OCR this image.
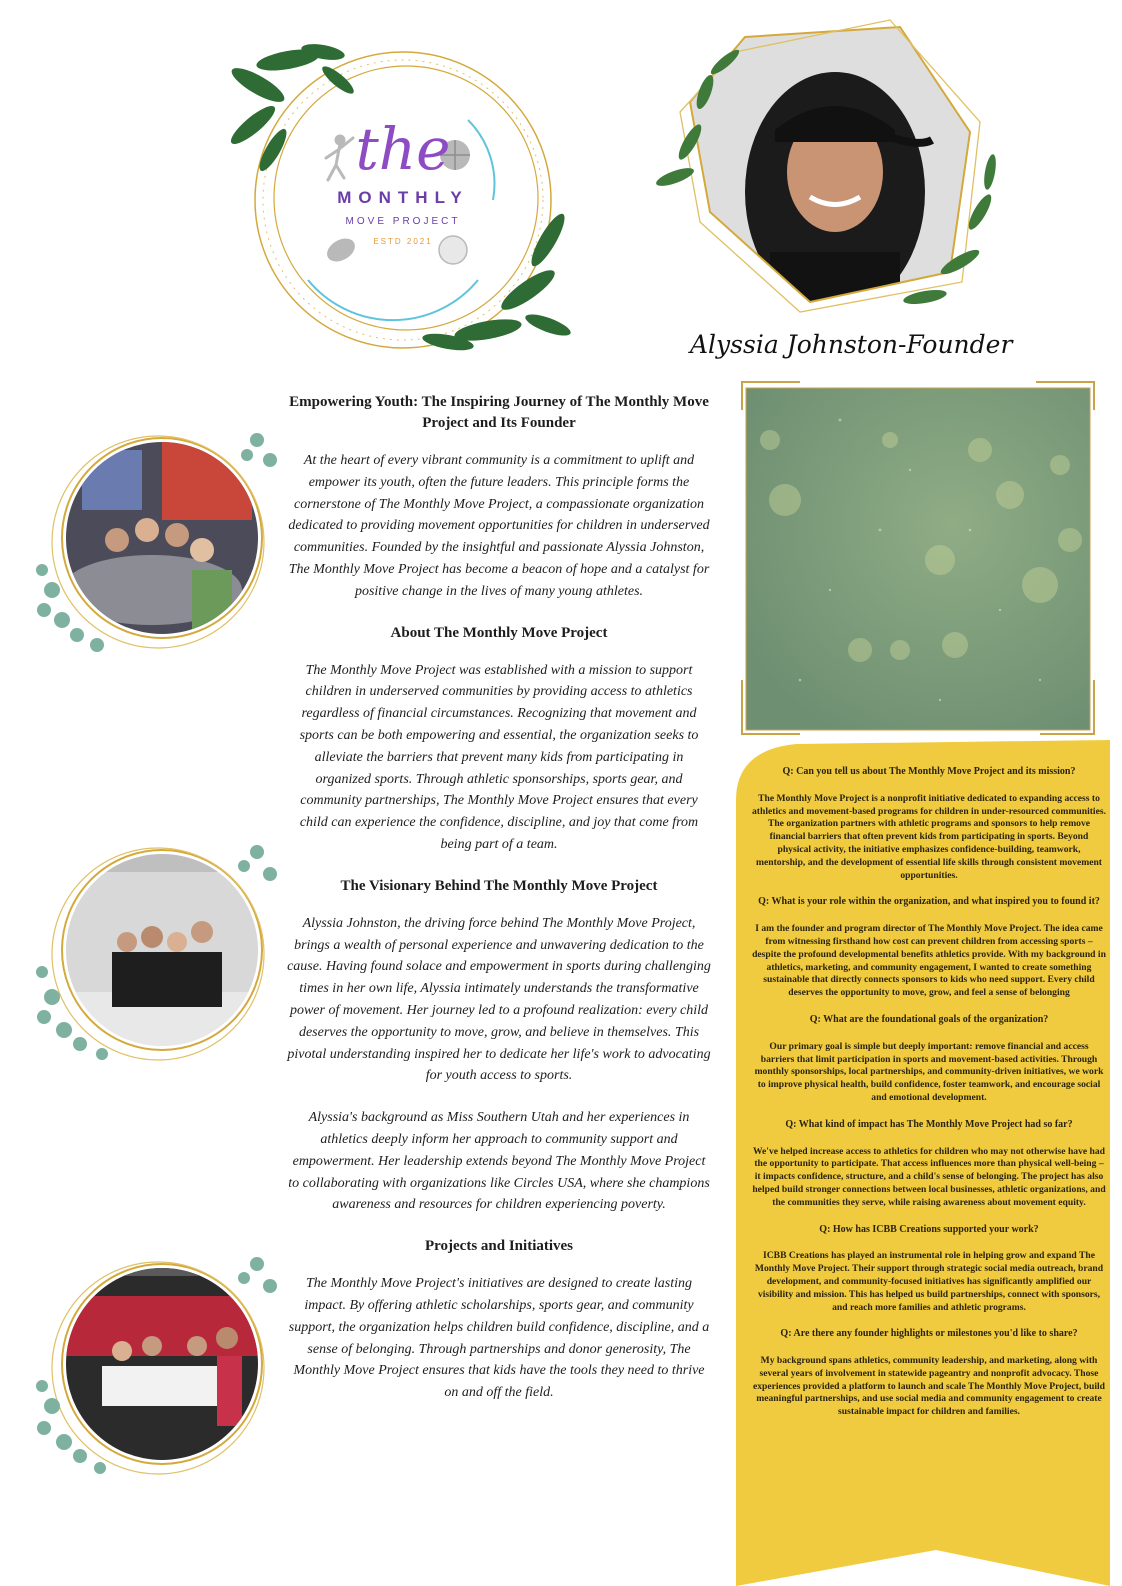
the
MONTHLY
MOVE PROJECT
ESTD 2021
Alyssia Johnston-Founder
Empowering Youth: The Inspiring Journey of The Monthly Move Project and Its Founder

At the heart of every vibrant community is a commitment to uplift and empower its youth, often the future leaders. This principle forms the cornerstone of The Monthly Move Project, a compassionate organization dedicated to providing movement opportunities for children in underserved communities. Founded by the insightful and passionate Alyssia Johnston, The Monthly Move Project has become a beacon of hope and a catalyst for positive change in the lives of many young athletes.

About The Monthly Move Project

The Monthly Move Project was established with a mission to support children in underserved communities by providing access to athletics regardless of financial circumstances. Recognizing that movement and sports can be both empowering and essential, the organization seeks to alleviate the barriers that prevent many kids from participating in organized sports. Through athletic sponsorships, sports gear, and community partnerships, The Monthly Move Project ensures that every child can experience the confidence, discipline, and joy that come from being part of a team.

The Visionary Behind The Monthly Move Project

Alyssia Johnston, the driving force behind The Monthly Move Project, brings a wealth of personal experience and unwavering dedication to the cause. Having found solace and empowerment in sports during challenging times in her own life, Alyssia intimately understands the transformative power of movement. Her journey led to a profound realization: every child deserves the opportunity to move, grow, and believe in themselves. This pivotal understanding inspired her to dedicate her life's work to advocating for youth access to sports.

Alyssia's background as Miss Southern Utah and her experiences in athletics deeply inform her approach to community support and empowerment. Her leadership extends beyond The Monthly Move Project to collaborating with organizations like Circles USA, where she champions awareness and resources for children experiencing poverty.

Projects and Initiatives

The Monthly Move Project's initiatives are designed to create lasting impact. By offering athletic scholarships, sports gear, and community support, the organization helps children build confidence, discipline, and a sense of belonging. Through partnerships and donor generosity, The Monthly Move Project ensures that kids have the tools they need to thrive on and off the field.

Q: Can you tell us about The Monthly Move Project and its mission?
The Monthly Move Project is a nonprofit initiative dedicated to expanding access to athletics and movement-based programs for children in under-resourced communities. The organization partners with athletic programs and sponsors to help remove financial barriers that often prevent kids from participating in sports. Beyond physical activity, the initiative emphasizes confidence-building, teamwork, mentorship, and the development of essential life skills through consistent movement opportunities.
Q: What is your role within the organization, and what inspired you to found it?
I am the founder and program director of The Monthly Move Project. The idea came from witnessing firsthand how cost can prevent children from accessing sports – despite the profound developmental benefits athletics provide. With my background in athletics, marketing, and community engagement, I wanted to create something sustainable that directly connects sponsors to kids who need support. Every child deserves the opportunity to move, grow, and feel a sense of belonging
Q: What are the foundational goals of the organization?
Our primary goal is simple but deeply important: remove financial and access barriers that limit participation in sports and movement-based activities. Through monthly sponsorships, local partnerships, and community-driven initiatives, we work to improve physical health, build confidence, foster teamwork, and encourage social and emotional development.
Q: What kind of impact has The Monthly Move Project had so far?
We've helped increase access to athletics for children who may not otherwise have had the opportunity to participate. That access influences more than physical well-being – it impacts confidence, structure, and a child's sense of belonging. The project has also helped build stronger connections between local businesses, athletic organizations, and the communities they serve, while raising awareness about movement equity.
Q: How has ICBB Creations supported your work?
ICBB Creations has played an instrumental role in helping grow and expand The Monthly Move Project. Their support through strategic social media outreach, brand development, and community-focused initiatives has significantly amplified our visibility and mission. This has helped us build partnerships, connect with sponsors, and reach more families and athletic programs.
Q: Are there any founder highlights or milestones you'd like to share?
My background spans athletics, community leadership, and marketing, along with several years of involvement in statewide pageantry and nonprofit advocacy. Those experiences provided a platform to launch and scale The Monthly Move Project, build meaningful partnerships, and use social media and community engagement to create sustainable impact for children and families.
